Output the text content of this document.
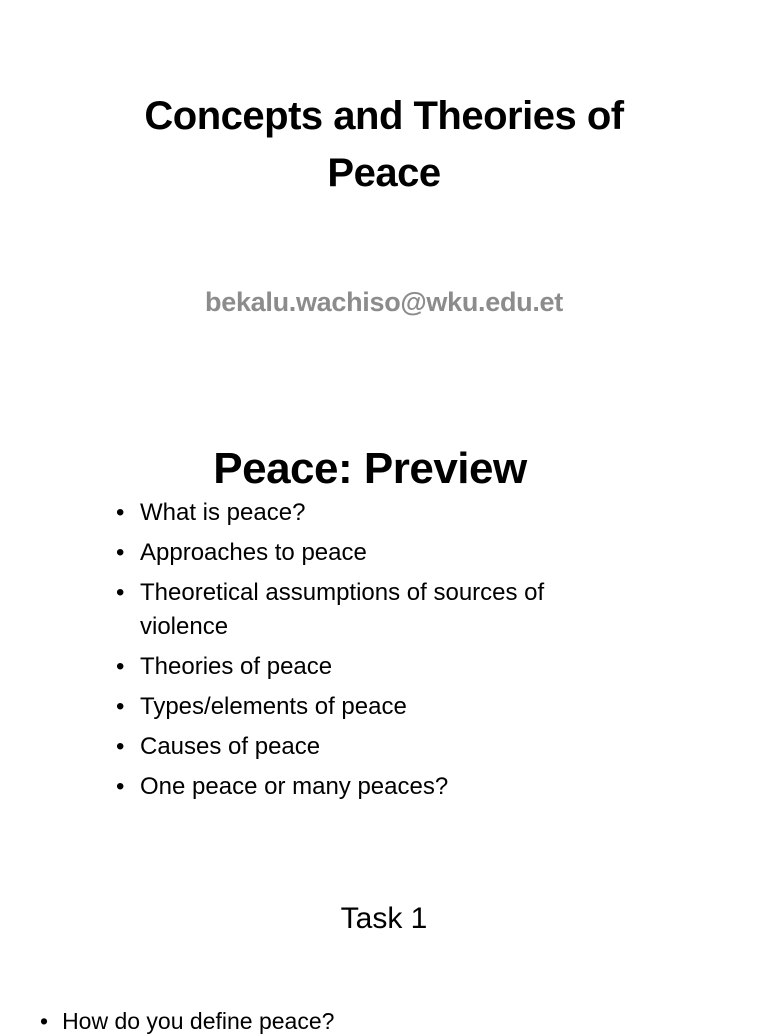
Concepts and Theories of Peace
bekalu.wachiso@wku.edu.et
Peace: Preview
• What is peace?
• Approaches to peace
• Theoretical assumptions of sources of violence
• Theories of peace
• Types/elements of peace
• Causes of peace
• One peace or many peaces?
Task 1
• How do you define peace?
